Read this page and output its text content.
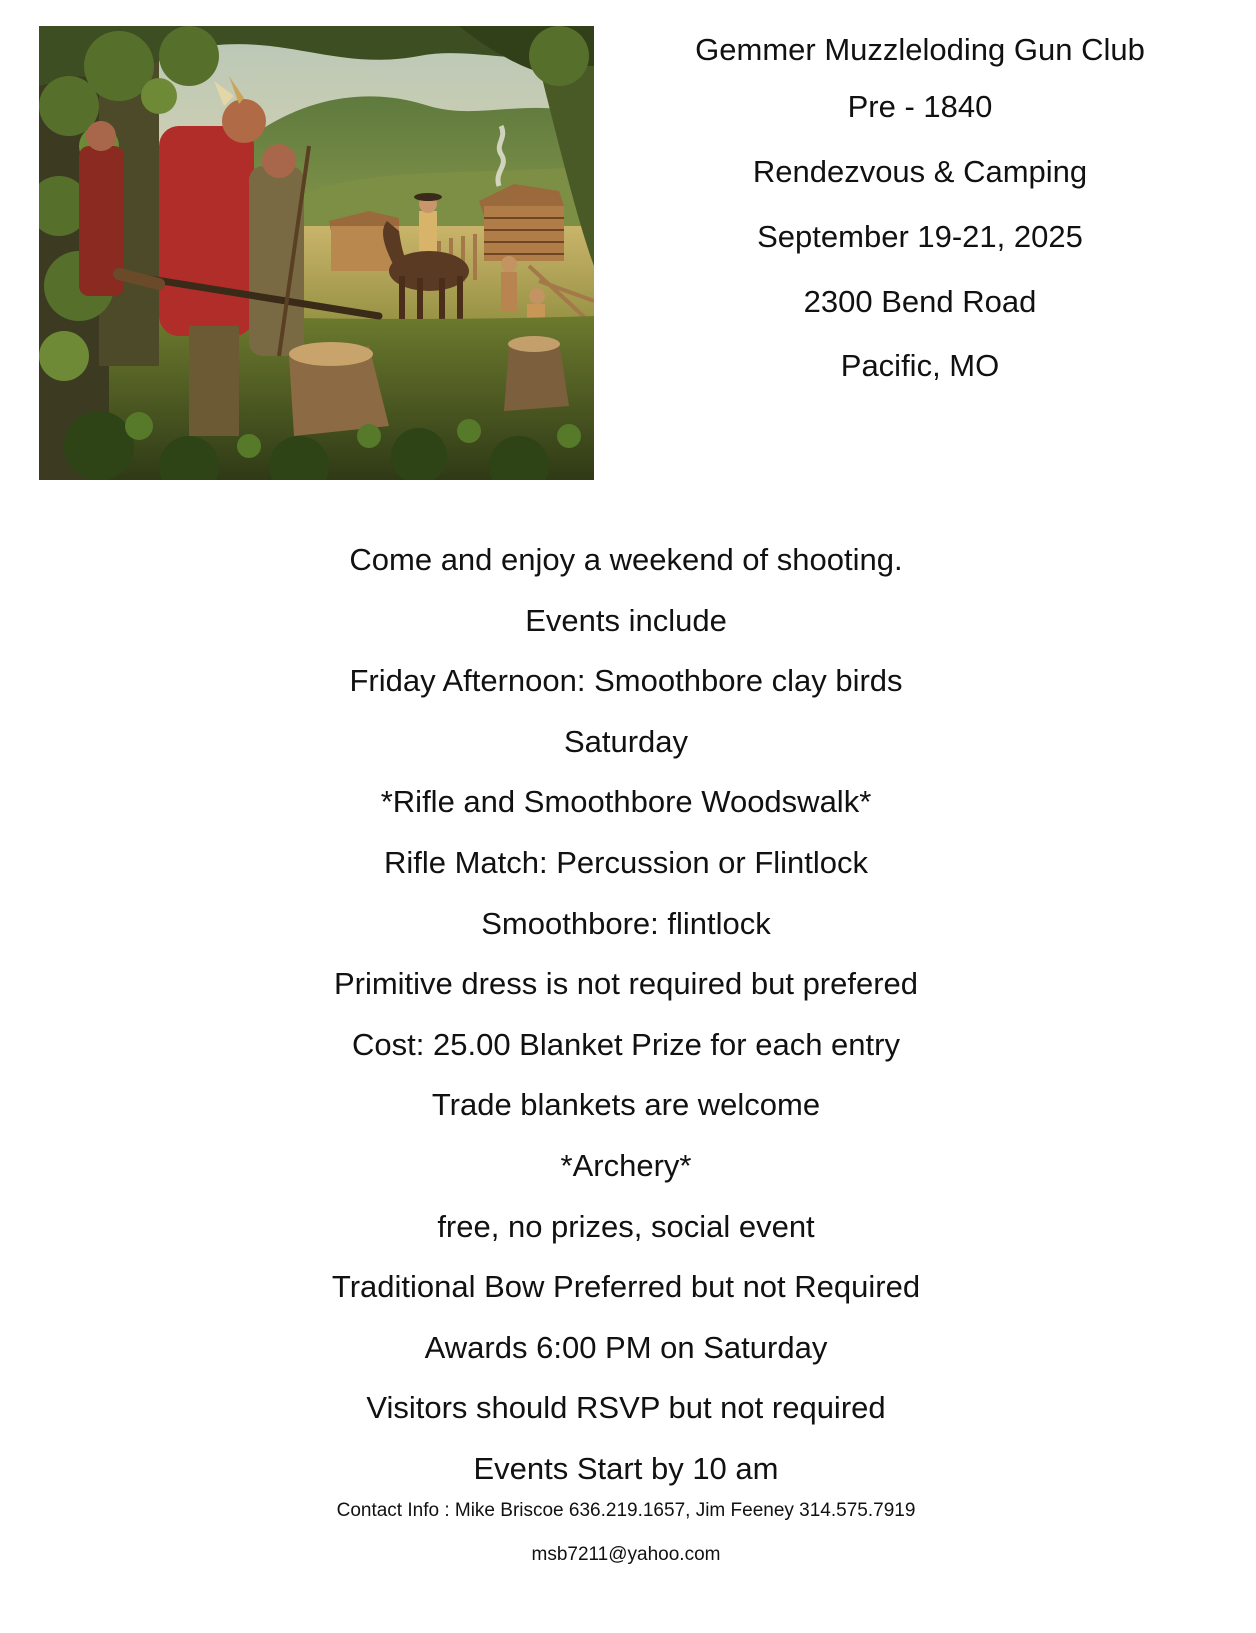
Gemmer Muzzleloding Gun Club
Pre - 1840
Rendezvous & Camping
September 19-21, 2025
2300 Bend Road
Pacific, MO
Come and enjoy a weekend of shooting.
Events include
Friday Afternoon: Smoothbore clay birds
Saturday
*Rifle and Smoothbore Woodswalk*
Rifle Match: Percussion or Flintlock
Smoothbore: flintlock
Primitive dress is not required but prefered
Cost: 25.00 Blanket Prize for each entry
Trade blankets are welcome
*Archery*
free, no prizes, social event
Traditional Bow Preferred but not Required
Awards 6:00 PM on Saturday
Visitors should RSVP but not required
Events Start by 10 am
Contact Info : Mike Briscoe 636.219.1657, Jim Feeney 314.575.7919
msb7211@yahoo.com
